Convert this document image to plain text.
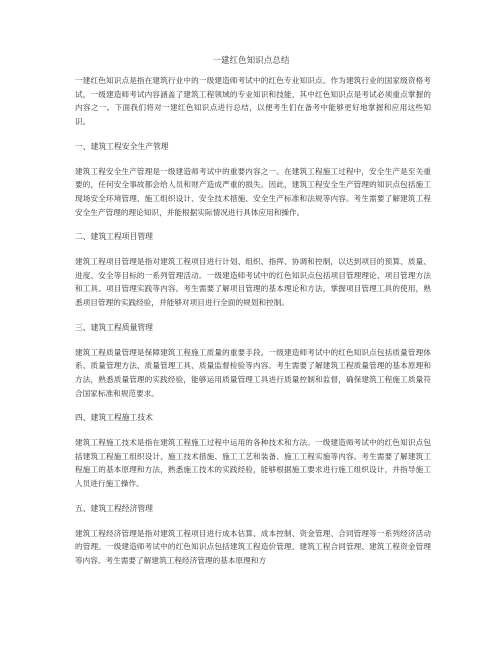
一建红色知识点总结

一建红色知识点是指在建筑行业中的一级建造师考试中的红色专业知识点。作为建筑行业的国家级资格考试，一级建造师考试内容涵盖了建筑工程领域的专业知识和技能，其中红色知识点是考试必须重点掌握的内容之一。下面我们将对一建红色知识点进行总结，以便考生们在备考中能够更好地掌握和应用这些知识。

一、建筑工程安全生产管理

建筑工程安全生产管理是一级建造师考试中的重要内容之一。在建筑工程施工过程中，安全生产是至关重要的，任何安全事故都会给人员和财产造成严重的损失。因此，建筑工程安全生产管理的知识点包括施工现场安全环境管理、施工组织设计、安全技术措施、安全生产标准和法规等内容。考生需要了解建筑工程安全生产管理的理论知识，并能根据实际情况进行具体应用和操作。

二、建筑工程项目管理

建筑工程项目管理是指对建筑工程项目进行计划、组织、指挥、协调和控制，以达到项目的预算、质量、进度、安全等目标的一系列管理活动。一级建造师考试中的红色知识点包括项目管理理论、项目管理方法和工具、项目管理实践等内容。考生需要了解项目管理的基本理论和方法，掌握项目管理工具的使用，熟悉项目管理的实践经验，并能够对项目进行全面的规划和控制。

三、建筑工程质量管理

建筑工程质量管理是保障建筑工程施工质量的重要手段。一级建造师考试中的红色知识点包括质量管理体系、质量管理方法、质量管理工具、质量监督检验等内容。考生需要了解建筑工程质量管理的基本原理和方法，熟悉质量管理的实践经验，能够运用质量管理工具进行质量控制和监督，确保建筑工程施工质量符合国家标准和规范要求。

四、建筑工程施工技术

建筑工程施工技术是指在建筑工程施工过程中运用的各种技术和方法。一级建造师考试中的红色知识点包括建筑工程施工组织设计、施工技术措施、施工工艺和装备、施工工程实施等内容。考生需要了解建筑工程施工的基本原理和方法，熟悉施工技术的实践经验，能够根据施工要求进行施工组织设计，并指导施工人员进行施工操作。

五、建筑工程经济管理

建筑工程经济管理是指对建筑工程项目进行成本估算、成本控制、资金管理、合同管理等一系列经济活动的管理。一级建造师考试中的红色知识点包括建筑工程造价管理、建筑工程合同管理、建筑工程资金管理等内容。考生需要了解建筑工程经济管理的基本原理和方
